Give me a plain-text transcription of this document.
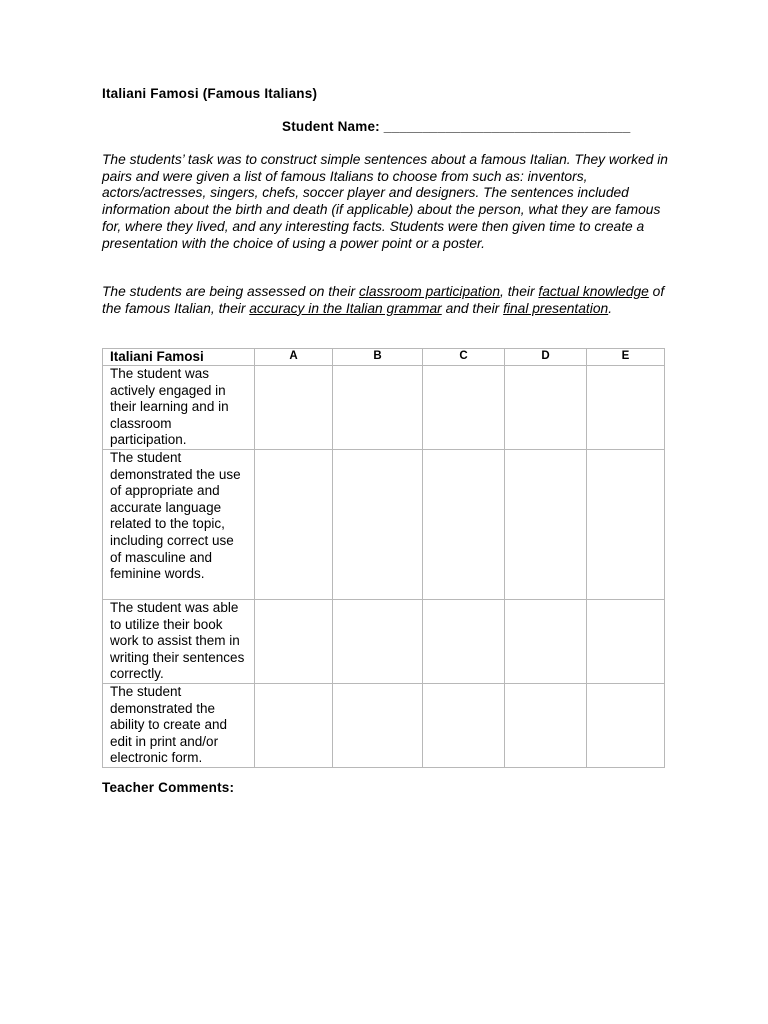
Italiani Famosi (Famous Italians)
Student Name: ________________________________

The students’ task was to construct simple sentences about a famous Italian. They worked in pairs and were given a list of famous Italians to choose from such as: inventors, actors/actresses, singers, chefs, soccer player and designers. The sentences included information about the birth and death (if applicable) about the person, what they are famous for, where they lived, and any interesting facts. Students were then given time to create a presentation with the choice of using a power point or a poster.

The students are being assessed on their classroom participation, their factual knowledge of the famous Italian, their accuracy in the Italian grammar and their final presentation.

Italiani Famosi	A	B	C	D	E
The student was actively engaged in their learning and in classroom participation.					
The student demonstrated the use of appropriate and accurate language related to the topic, including correct use of masculine and feminine words.					
The student was able to utilize their book work to assist them in writing their sentences correctly.					
The student demonstrated the ability to create and edit in print and/or electronic form.					
Teacher Comments:
